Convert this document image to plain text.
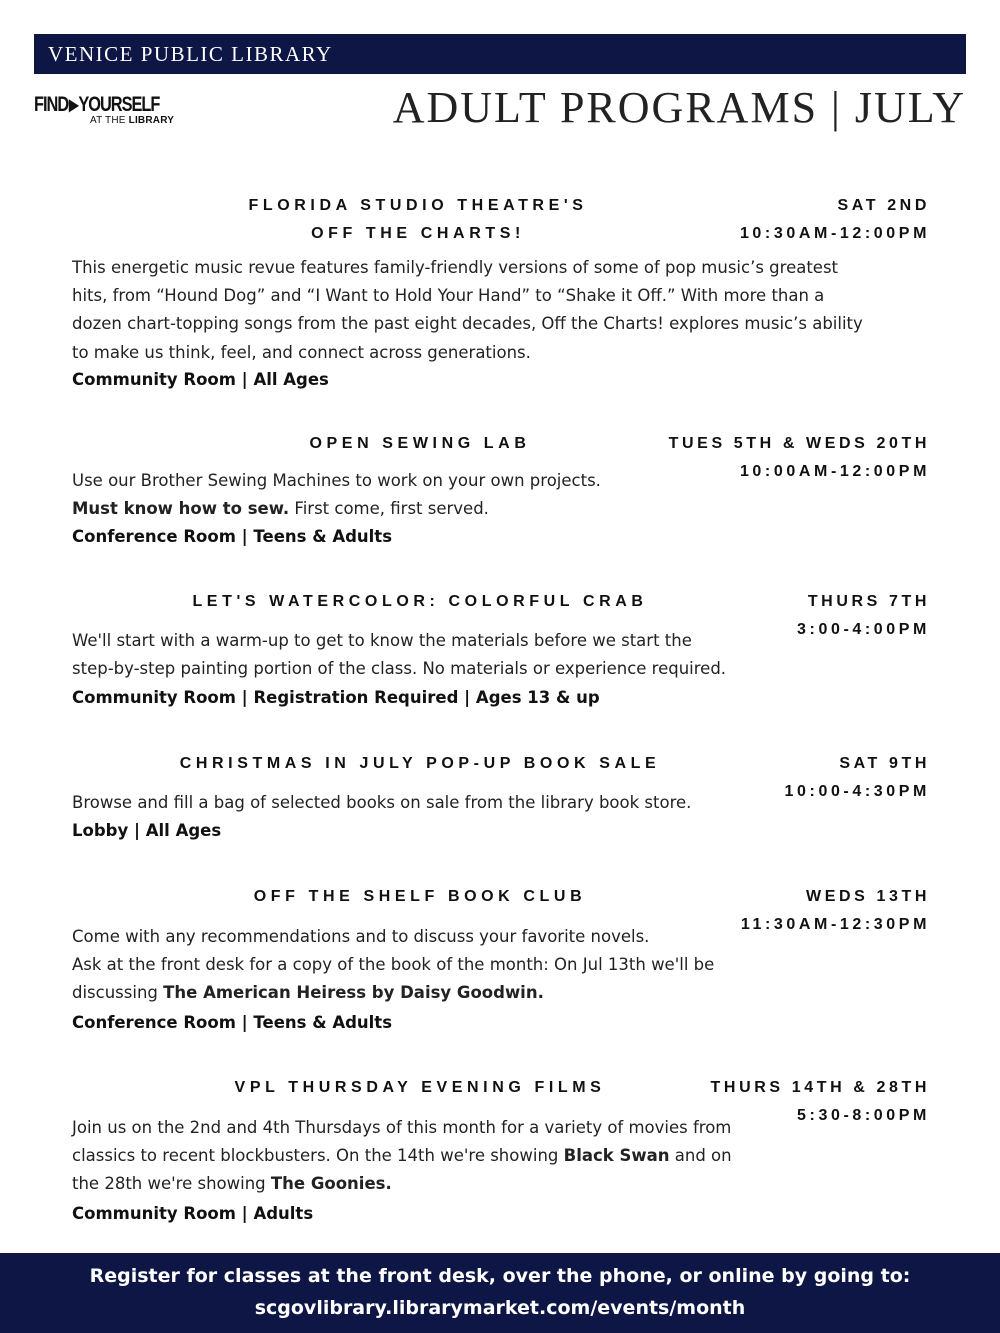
VENICE PUBLIC LIBRARY
FIND▶YOURSELF
AT THE LIBRARY	ADULT PROGRAMS | JULY
FLORIDA STUDIO THEATRE'S
OFF THE CHARTS!
SAT 2ND
10:30AM-12:00PM
This energetic music revue features family-friendly versions of some of pop music’s greatest
hits, from “Hound Dog” and “I Want to Hold Your Hand” to “Shake it Off.” With more than a
dozen chart-topping songs from the past eight decades, Off the Charts! explores music’s ability
to make us think, feel, and connect across generations.
Community Room | All Ages
OPEN SEWING LAB	TUES 5TH & WEDS 20TH
10:00AM-12:00PM
Use our Brother Sewing Machines to work on your own projects.
Must know how to sew. First come, first served.
Conference Room | Teens & Adults
LET'S WATERCOLOR: COLORFUL CRAB	THURS 7TH
3:00-4:00PM
We'll start with a warm-up to get to know the materials before we start the
step-by-step painting portion of the class. No materials or experience required.
Community Room | Registration Required | Ages 13 & up
CHRISTMAS IN JULY POP-UP BOOK SALE	SAT 9TH
10:00-4:30PM
Browse and fill a bag of selected books on sale from the library book store.
Lobby | All Ages
OFF THE SHELF BOOK CLUB	WEDS 13TH
11:30AM-12:30PM
Come with any recommendations and to discuss your favorite novels.
Ask at the front desk for a copy of the book of the month: On Jul 13th we'll be
discussing The American Heiress by Daisy Goodwin.
Conference Room | Teens & Adults
VPL THURSDAY EVENING FILMS	THURS 14TH & 28TH
5:30-8:00PM
Join us on the 2nd and 4th Thursdays of this month for a variety of movies from
classics to recent blockbusters. On the 14th we're showing Black Swan and on
the 28th we're showing The Goonies.
Community Room | Adults
Register for classes at the front desk, over the phone, or online by going to:
scgovlibrary.librarymarket.com/events/month
